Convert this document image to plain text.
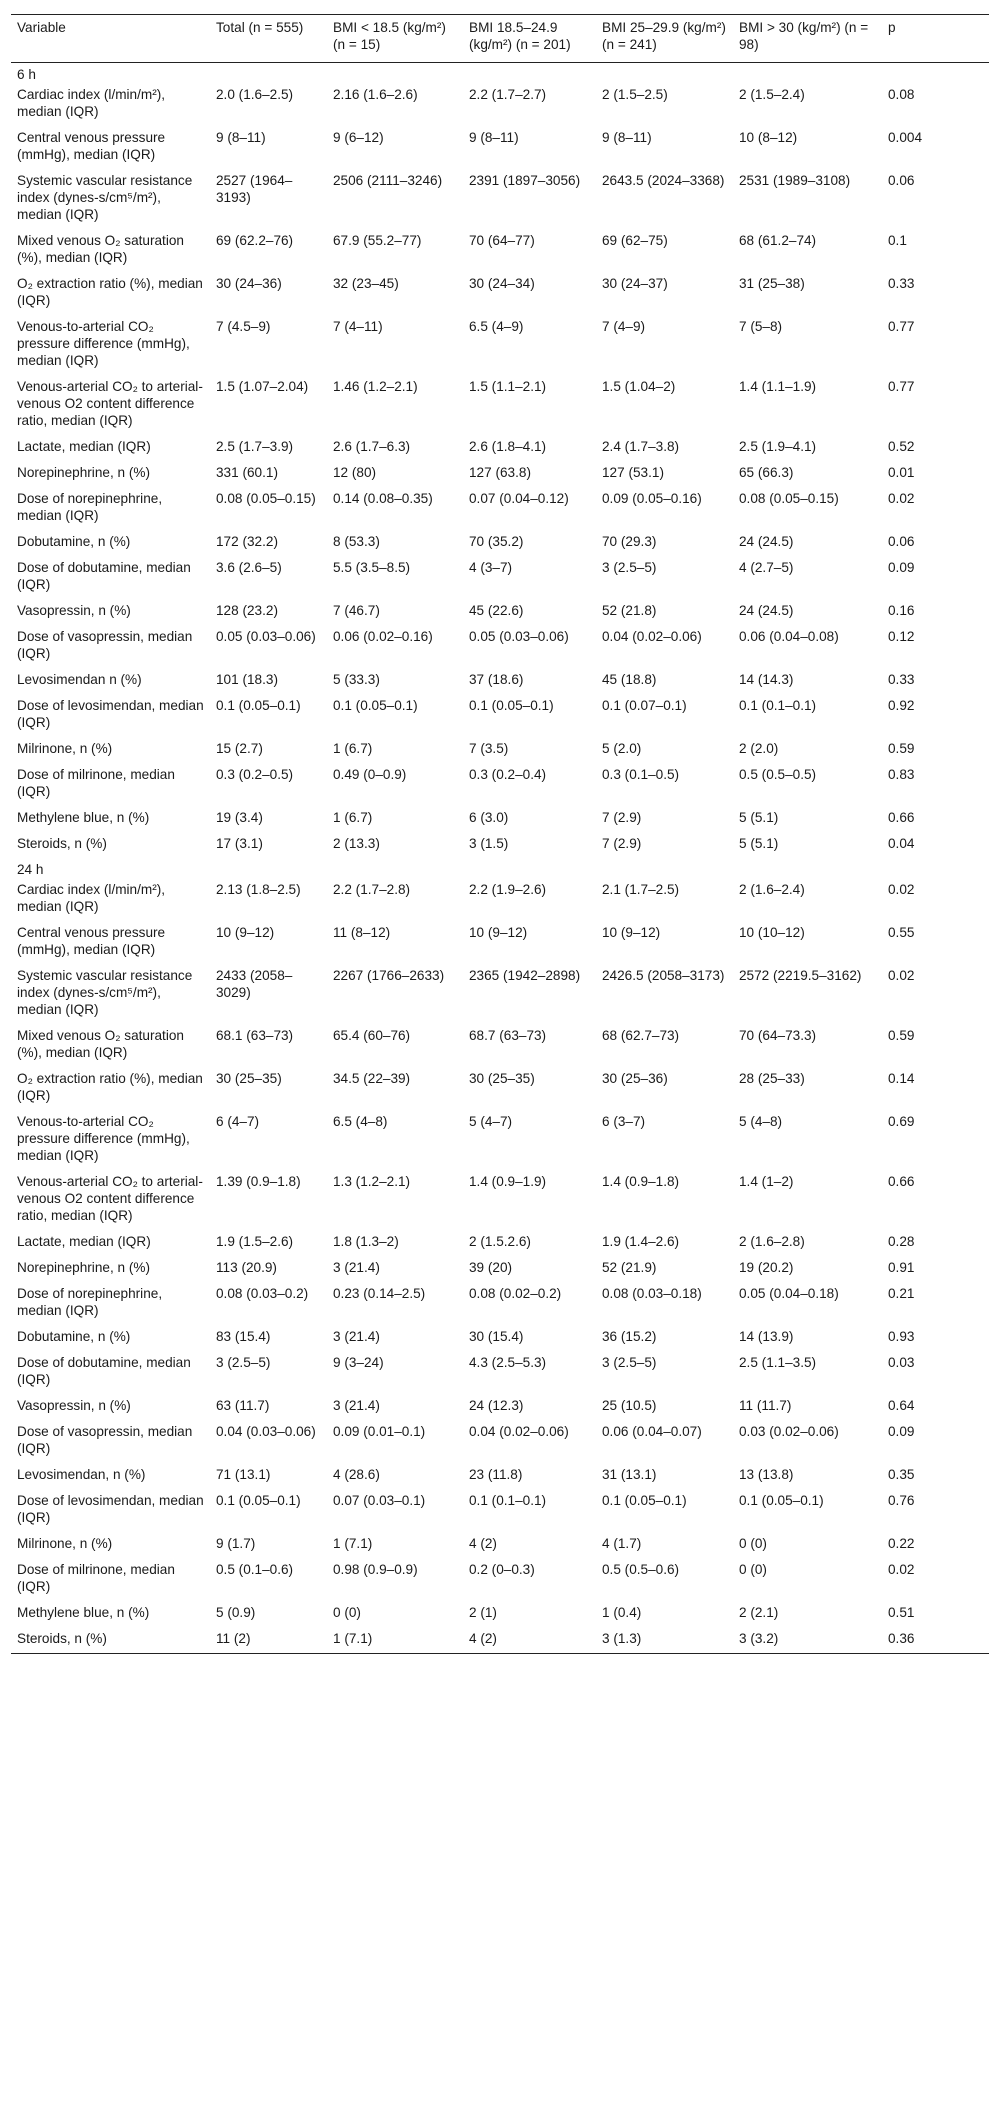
Variable	Total (n = 555)	BMI < 18.5 (kg/m²) (n = 15)	BMI 18.5–24.9 (kg/m²) (n = 201)	BMI 25–29.9 (kg/m²) (n = 241)	BMI > 30 (kg/m²) (n = 98)	p
6 h						
Cardiac index (l/min/m²), median (IQR)	2.0 (1.6–2.5)	2.16 (1.6–2.6)	2.2 (1.7–2.7)	2 (1.5–2.5)	2 (1.5–2.4)	0.08
Central venous pressure (mmHg), median (IQR)	9 (8–11)	9 (6–12)	9 (8–11)	9 (8–11)	10 (8–12)	0.004
Systemic vascular resistance index (dynes-s/cm⁵/m²), median (IQR)	2527 (1964–3193)	2506 (2111–3246)	2391 (1897–3056)	2643.5 (2024–3368)	2531 (1989–3108)	0.06
Mixed venous O₂ saturation (%), median (IQR)	69 (62.2–76)	67.9 (55.2–77)	70 (64–77)	69 (62–75)	68 (61.2–74)	0.1
O₂ extraction ratio (%), median (IQR)	30 (24–36)	32 (23–45)	30 (24–34)	30 (24–37)	31 (25–38)	0.33
Venous-to-arterial CO₂ pressure difference (mmHg), median (IQR)	7 (4.5–9)	7 (4–11)	6.5 (4–9)	7 (4–9)	7 (5–8)	0.77
Venous-arterial CO₂ to arterial-venous O2 content difference ratio, median (IQR)	1.5 (1.07–2.04)	1.46 (1.2–2.1)	1.5 (1.1–2.1)	1.5 (1.04–2)	1.4 (1.1–1.9)	0.77
Lactate, median (IQR)	2.5 (1.7–3.9)	2.6 (1.7–6.3)	2.6 (1.8–4.1)	2.4 (1.7–3.8)	2.5 (1.9–4.1)	0.52
Norepinephrine, n (%)	331 (60.1)	12 (80)	127 (63.8)	127 (53.1)	65 (66.3)	0.01
Dose of norepinephrine, median (IQR)	0.08 (0.05–0.15)	0.14 (0.08–0.35)	0.07 (0.04–0.12)	0.09 (0.05–0.16)	0.08 (0.05–0.15)	0.02
Dobutamine, n (%)	172 (32.2)	8 (53.3)	70 (35.2)	70 (29.3)	24 (24.5)	0.06
Dose of dobutamine, median (IQR)	3.6 (2.6–5)	5.5 (3.5–8.5)	4 (3–7)	3 (2.5–5)	4 (2.7–5)	0.09
Vasopressin, n (%)	128 (23.2)	7 (46.7)	45 (22.6)	52 (21.8)	24 (24.5)	0.16
Dose of vasopressin, median (IQR)	0.05 (0.03–0.06)	0.06 (0.02–0.16)	0.05 (0.03–0.06)	0.04 (0.02–0.06)	0.06 (0.04–0.08)	0.12
Levosimendan n (%)	101 (18.3)	5 (33.3)	37 (18.6)	45 (18.8)	14 (14.3)	0.33
Dose of levosimendan, median (IQR)	0.1 (0.05–0.1)	0.1 (0.05–0.1)	0.1 (0.05–0.1)	0.1 (0.07–0.1)	0.1 (0.1–0.1)	0.92
Milrinone, n (%)	15 (2.7)	1 (6.7)	7 (3.5)	5 (2.0)	2 (2.0)	0.59
Dose of milrinone, median (IQR)	0.3 (0.2–0.5)	0.49 (0–0.9)	0.3 (0.2–0.4)	0.3 (0.1–0.5)	0.5 (0.5–0.5)	0.83
Methylene blue, n (%)	19 (3.4)	1 (6.7)	6 (3.0)	7 (2.9)	5 (5.1)	0.66
Steroids, n (%)	17 (3.1)	2 (13.3)	3 (1.5)	7 (2.9)	5 (5.1)	0.04
24 h						
Cardiac index (l/min/m²), median (IQR)	2.13 (1.8–2.5)	2.2 (1.7–2.8)	2.2 (1.9–2.6)	2.1 (1.7–2.5)	2 (1.6–2.4)	0.02
Central venous pressure (mmHg), median (IQR)	10 (9–12)	11 (8–12)	10 (9–12)	10 (9–12)	10 (10–12)	0.55
Systemic vascular resistance index (dynes-s/cm⁵/m²), median (IQR)	2433 (2058–3029)	2267 (1766–2633)	2365 (1942–2898)	2426.5 (2058–3173)	2572 (2219.5–3162)	0.02
Mixed venous O₂ saturation (%), median (IQR)	68.1 (63–73)	65.4 (60–76)	68.7 (63–73)	68 (62.7–73)	70 (64–73.3)	0.59
O₂ extraction ratio (%), median (IQR)	30 (25–35)	34.5 (22–39)	30 (25–35)	30 (25–36)	28 (25–33)	0.14
Venous-to-arterial CO₂ pressure difference (mmHg), median (IQR)	6 (4–7)	6.5 (4–8)	5 (4–7)	6 (3–7)	5 (4–8)	0.69
Venous-arterial CO₂ to arterial-venous O2 content difference ratio, median (IQR)	1.39 (0.9–1.8)	1.3 (1.2–2.1)	1.4 (0.9–1.9)	1.4 (0.9–1.8)	1.4 (1–2)	0.66
Lactate, median (IQR)	1.9 (1.5–2.6)	1.8 (1.3–2)	2 (1.5.2.6)	1.9 (1.4–2.6)	2 (1.6–2.8)	0.28
Norepinephrine, n (%)	113 (20.9)	3 (21.4)	39 (20)	52 (21.9)	19 (20.2)	0.91
Dose of norepinephrine, median (IQR)	0.08 (0.03–0.2)	0.23 (0.14–2.5)	0.08 (0.02–0.2)	0.08 (0.03–0.18)	0.05 (0.04–0.18)	0.21
Dobutamine, n (%)	83 (15.4)	3 (21.4)	30 (15.4)	36 (15.2)	14 (13.9)	0.93
Dose of dobutamine, median (IQR)	3 (2.5–5)	9 (3–24)	4.3 (2.5–5.3)	3 (2.5–5)	2.5 (1.1–3.5)	0.03
Vasopressin, n (%)	63 (11.7)	3 (21.4)	24 (12.3)	25 (10.5)	11 (11.7)	0.64
Dose of vasopressin, median (IQR)	0.04 (0.03–0.06)	0.09 (0.01–0.1)	0.04 (0.02–0.06)	0.06 (0.04–0.07)	0.03 (0.02–0.06)	0.09
Levosimendan, n (%)	71 (13.1)	4 (28.6)	23 (11.8)	31 (13.1)	13 (13.8)	0.35
Dose of levosimendan, median (IQR)	0.1 (0.05–0.1)	0.07 (0.03–0.1)	0.1 (0.1–0.1)	0.1 (0.05–0.1)	0.1 (0.05–0.1)	0.76
Milrinone, n (%)	9 (1.7)	1 (7.1)	4 (2)	4 (1.7)	0 (0)	0.22
Dose of milrinone, median (IQR)	0.5 (0.1–0.6)	0.98 (0.9–0.9)	0.2 (0–0.3)	0.5 (0.5–0.6)	0 (0)	0.02
Methylene blue, n (%)	5 (0.9)	0 (0)	2 (1)	1 (0.4)	2 (2.1)	0.51
Steroids, n (%)	11 (2)	1 (7.1)	4 (2)	3 (1.3)	3 (3.2)	0.36
